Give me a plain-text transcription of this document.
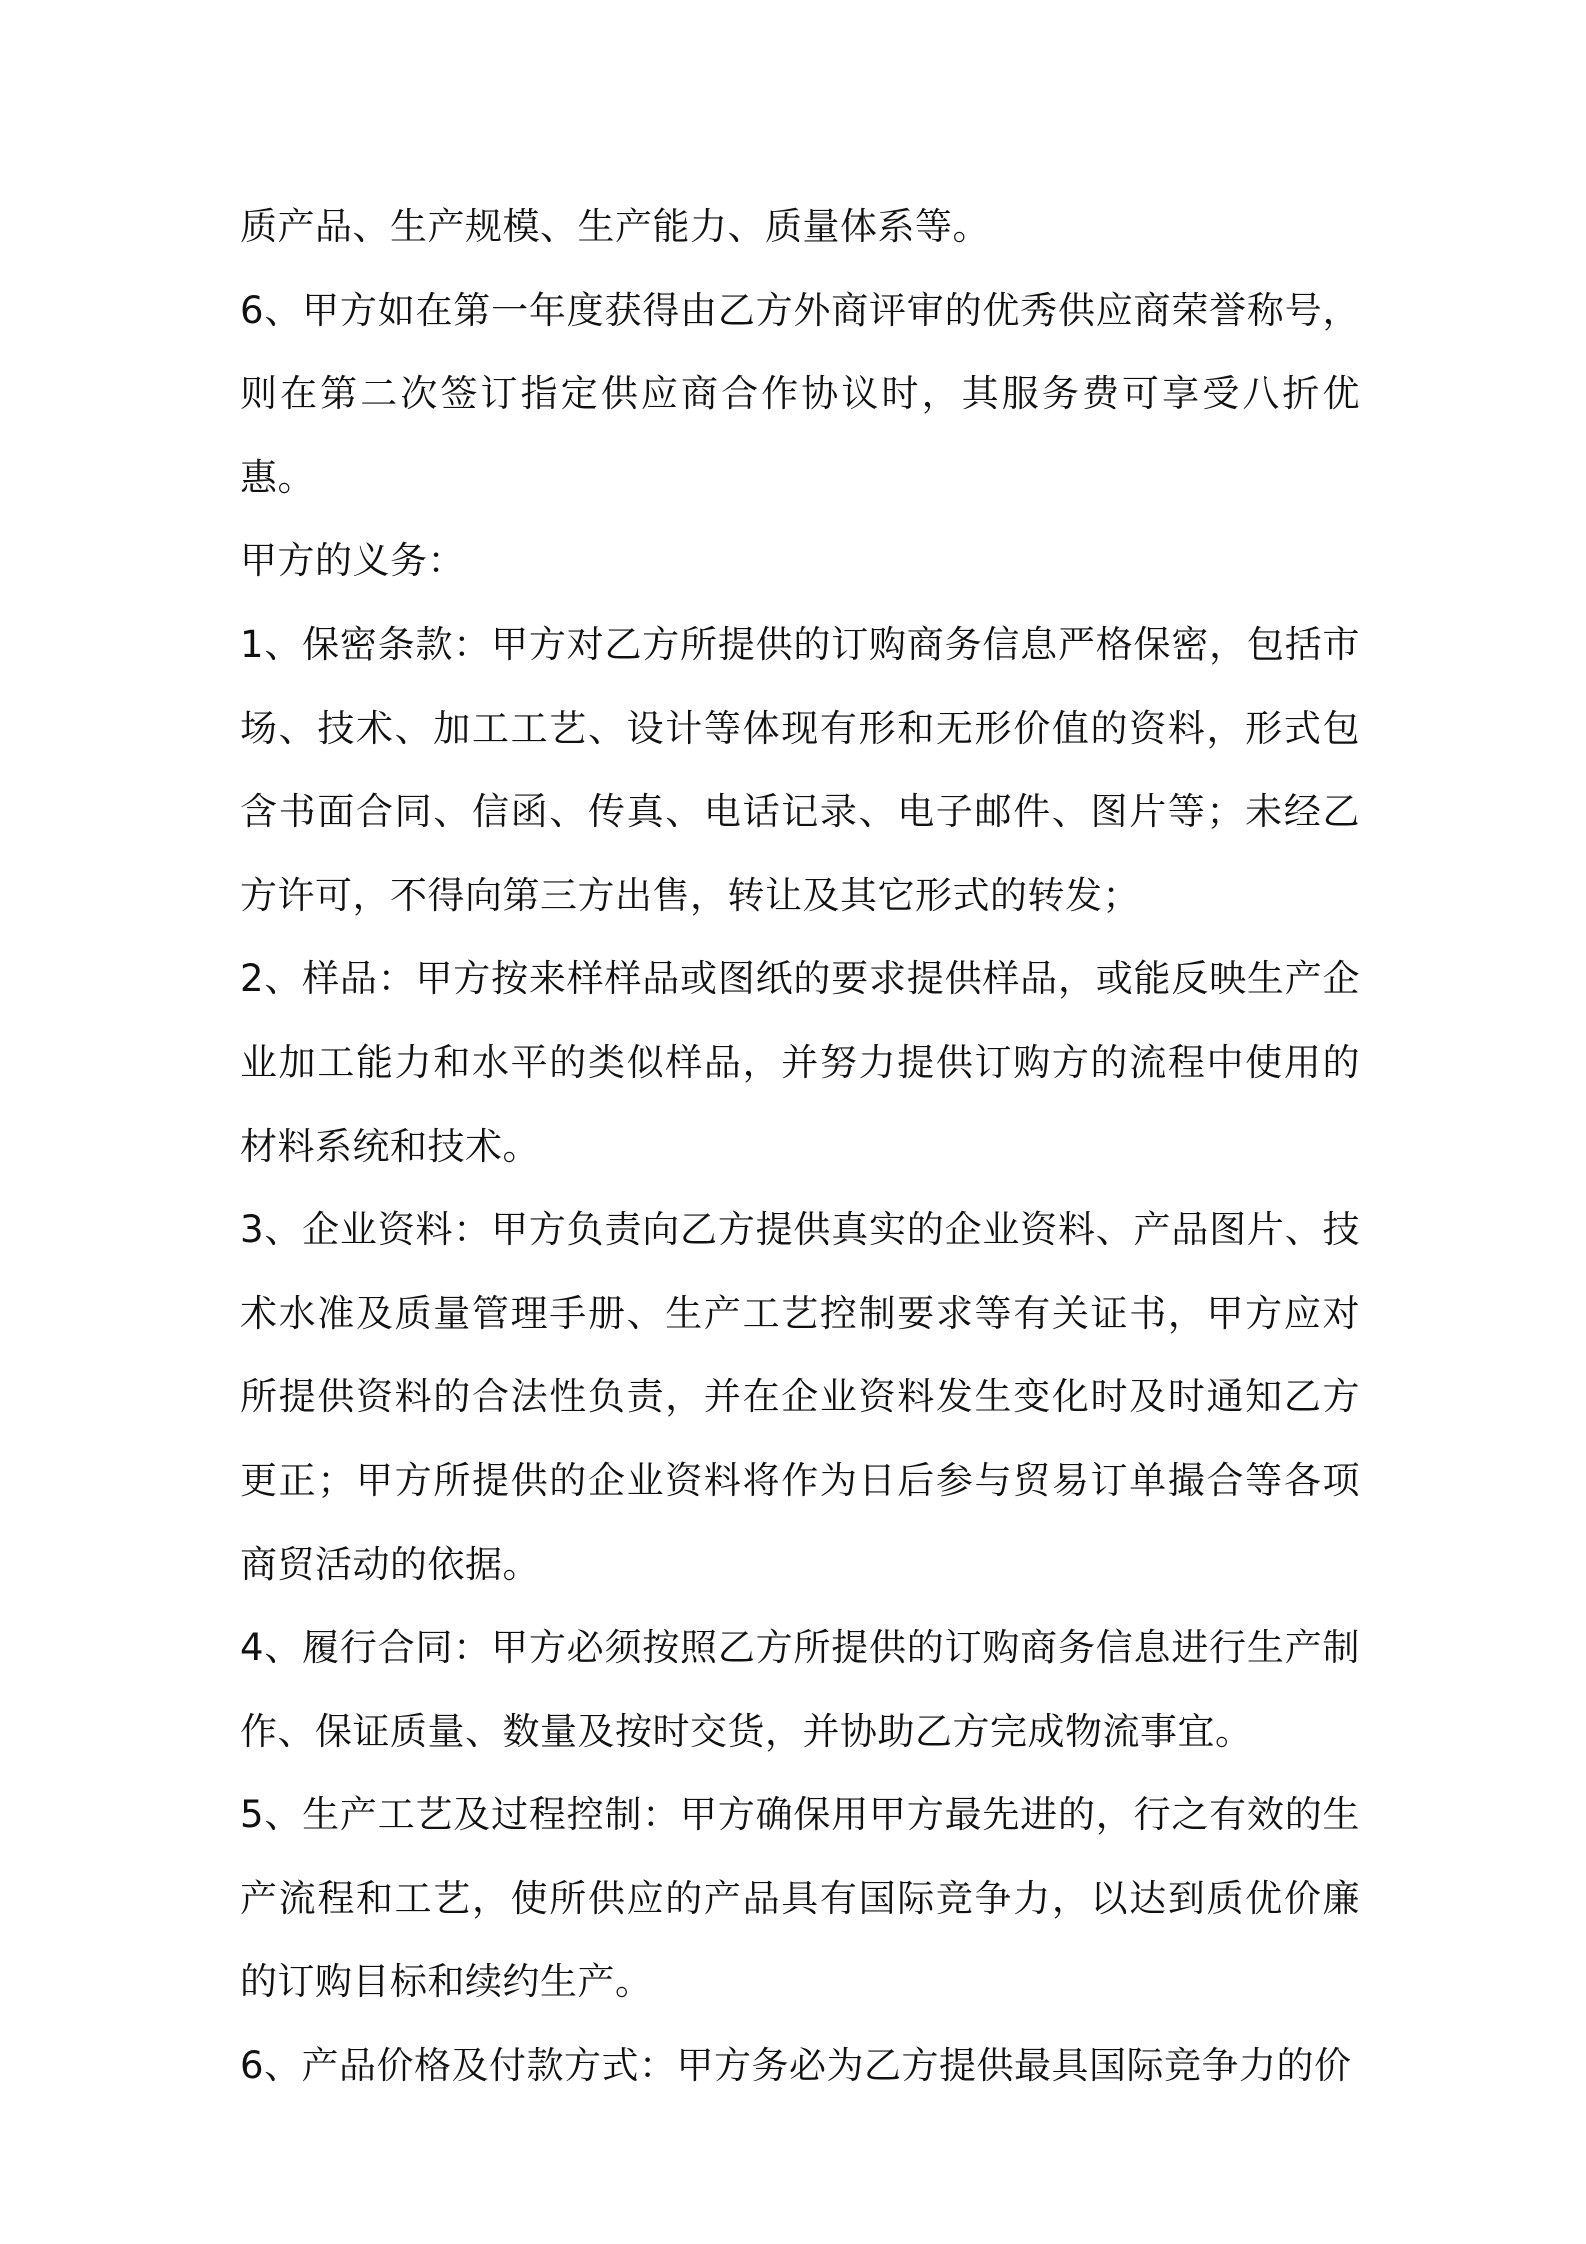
质产品、生产规模、生产能力、质量体系等。

6、甲方如在第一年度获得由乙方外商评审的优秀供应商荣誉称号，则在第二次签订指定供应商合作协议时，其服务费可享受八折优惠。

甲方的义务：

1、保密条款：甲方对乙方所提供的订购商务信息严格保密，包括市场、技术、加工工艺、设计等体现有形和无形价值的资料，形式包含书面合同、信函、传真、电话记录、电子邮件、图片等；未经乙方许可，不得向第三方出售，转让及其它形式的转发；

2、样品：甲方按来样样品或图纸的要求提供样品，或能反映生产企业加工能力和水平的类似样品，并努力提供订购方的流程中使用的材料系统和技术。

3、企业资料：甲方负责向乙方提供真实的企业资料、产品图片、技术水准及质量管理手册、生产工艺控制要求等有关证书，甲方应对所提供资料的合法性负责，并在企业资料发生变化时及时通知乙方更正；甲方所提供的企业资料将作为日后参与贸易订单撮合等各项商贸活动的依据。

4、履行合同：甲方必须按照乙方所提供的订购商务信息进行生产制作、保证质量、数量及按时交货，并协助乙方完成物流事宜。

5、生产工艺及过程控制：甲方确保用甲方最先进的，行之有效的生产流程和工艺，使所供应的产品具有国际竞争力，以达到质优价廉的订购目标和续约生产。

6、产品价格及付款方式：甲方务必为乙方提供最具国际竞争力的价
